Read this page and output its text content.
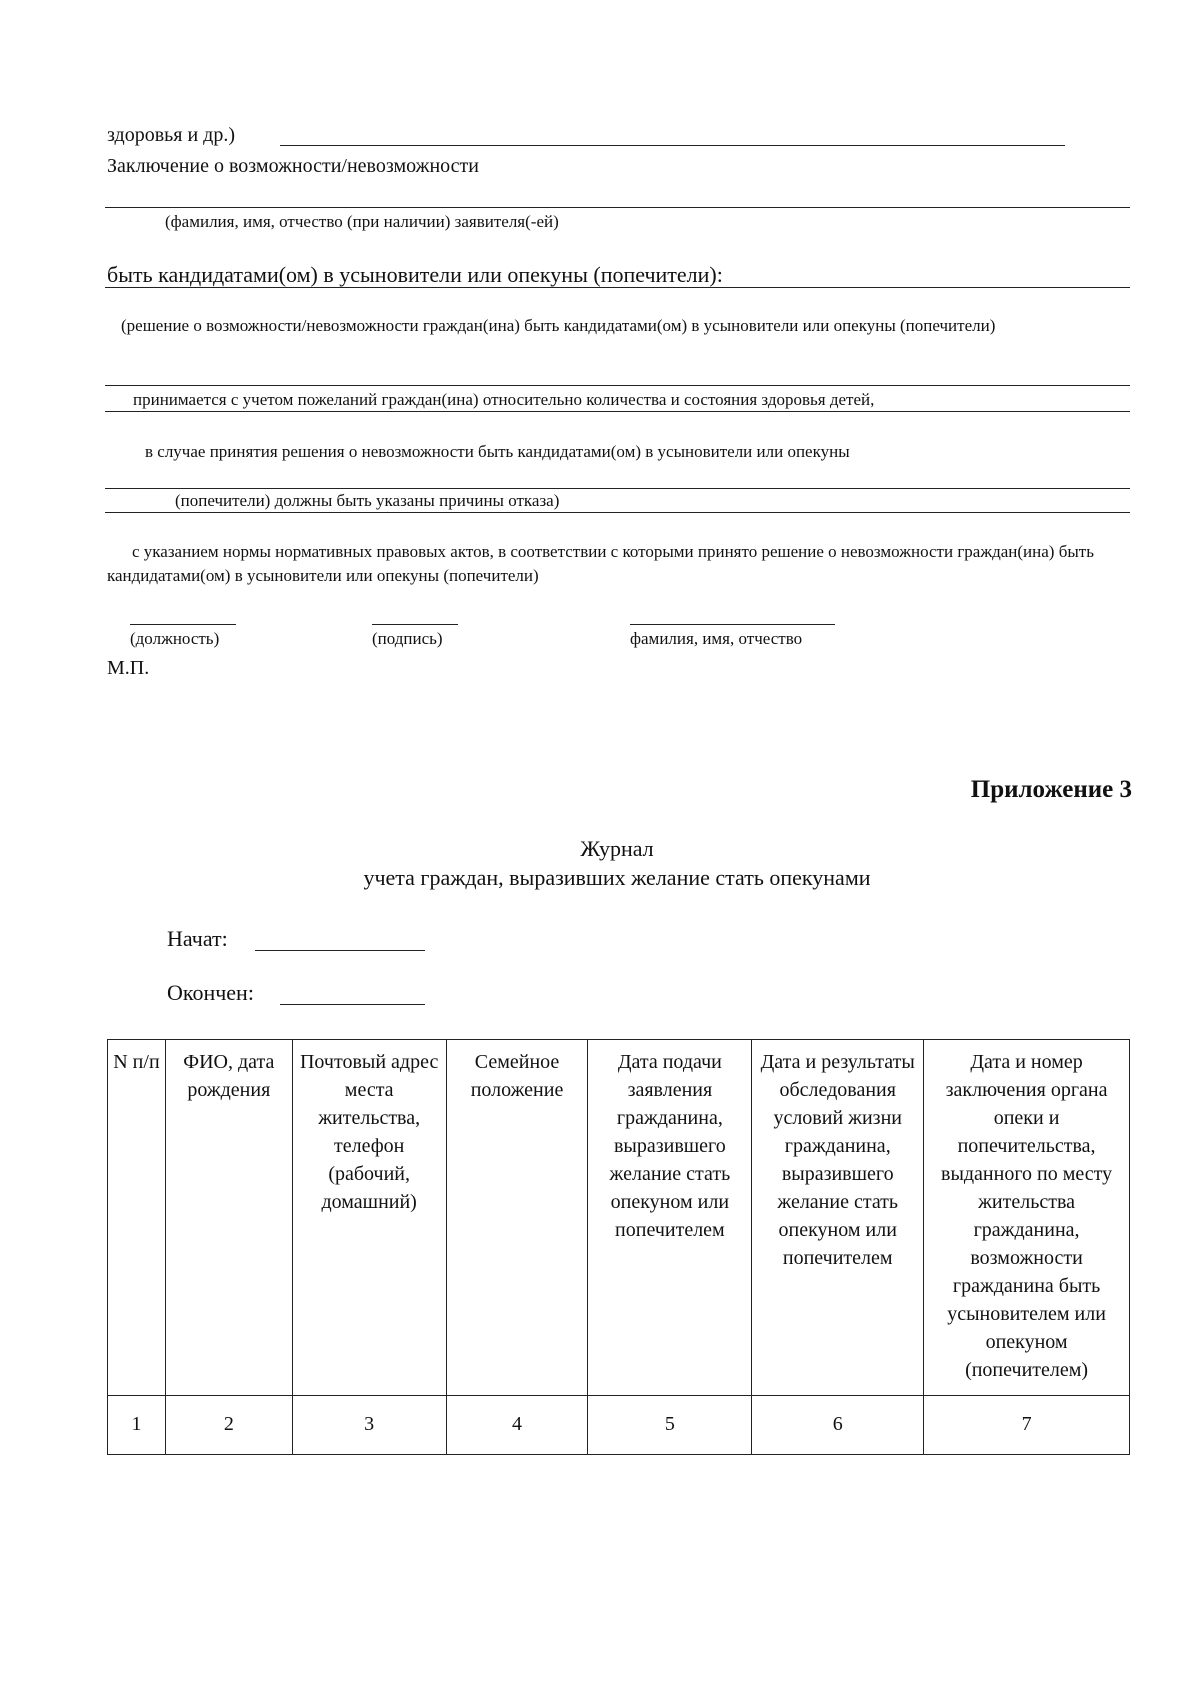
здоровья и др.)
Заключение о возможности/невозможности
(фамилия, имя, отчество (при наличии) заявителя(-ей)
быть кандидатами(ом) в усыновители или опекуны (попечители):
(решение о возможности/невозможности граждан(ина) быть кандидатами(ом) в усыновители или опекуны (попечители)
принимается с учетом пожеланий граждан(ина) относительно количества и состояния здоровья детей,
в случае принятия решения о невозможности быть кандидатами(ом) в усыновители или опекуны
(попечители) должны быть указаны причины отказа)
с указанием нормы нормативных правовых актов, в соответствии с которыми принято решение о невозможности граждан(ина) быть кандидатами(ом) в усыновители или опекуны (попечители)
(должность)	(подпись)	фамилия, имя, отчество
М.П.
Приложение 3
Журнал
учета граждан, выразивших желание стать опекунами
Начат:
Окончен:
N п/п	ФИО, дата рождения	Почтовый адрес места жительства, телефон (рабочий, домашний)	Семейное положение	Дата подачи заявления гражданина, выразившего желание стать опекуном или попечителем	Дата и результаты обследования условий жизни гражданина, выразившего желание стать опекуном или попечителем	Дата и номер заключения органа опеки и попечительства, выданного по месту жительства гражданина, возможности гражданина быть усыновителем или опекуном (попечителем)
1	2	3	4	5	6	7
